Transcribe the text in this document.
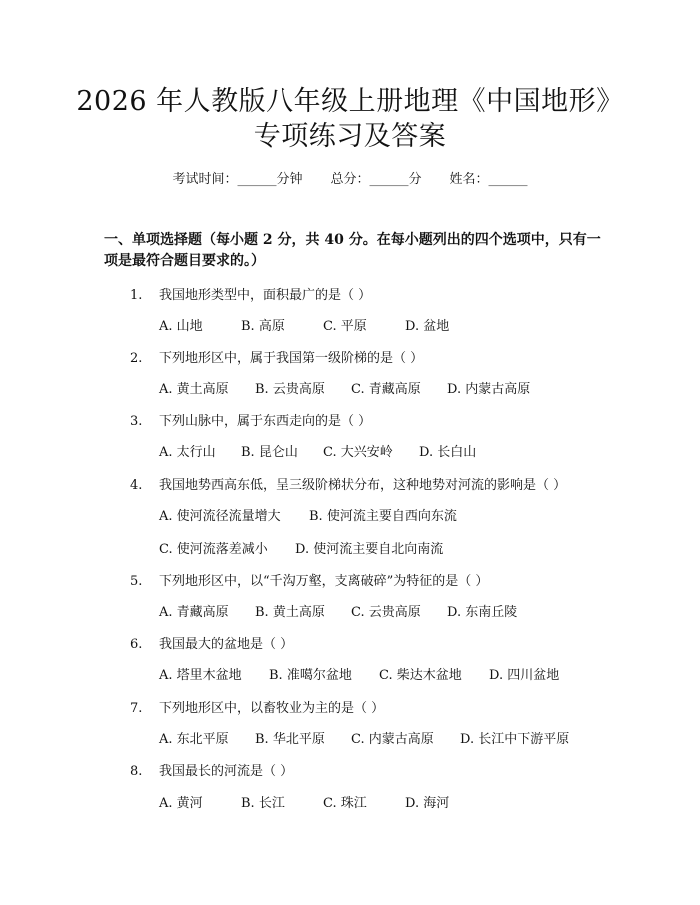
2026 年人教版八年级上册地理《中国地形》
专项练习及答案
考试时间：______分钟 总分：______分 姓名：______
一、单项选择题（每小题 2 分，共 40 分。在每小题列出的四个选项中，只有一项是最符合题目要求的。）
1. 我国地形类型中，面积最广的是（ ）
A. 山地	B. 高原	C. 平原	D. 盆地
2. 下列地形区中，属于我国第一级阶梯的是（ ）
A. 黄土高原 B. 云贵高原 C. 青藏高原 D. 内蒙古高原
3. 下列山脉中，属于东西走向的是（ ）
A. 太行山 B. 昆仑山 C. 大兴安岭 D. 长白山
4. 我国地势西高东低，呈三级阶梯状分布，这种地势对河流的影响是（ ）
A. 使河流径流量增大 B. 使河流主要自西向东流
C. 使河流落差减小 D. 使河流主要自北向南流
5. 下列地形区中，以“千沟万壑，支离破碎”为特征的是（ ）
A. 青藏高原 B. 黄土高原 C. 云贵高原 D. 东南丘陵
6. 我国最大的盆地是（ ）
A. 塔里木盆地 B. 准噶尔盆地 C. 柴达木盆地 D. 四川盆地
7. 下列地形区中，以畜牧业为主的是（ ）
A. 东北平原 B. 华北平原 C. 内蒙古高原 D. 长江中下游平原
8. 我国最长的河流是（ ）
A. 黄河	B. 长江	C. 珠江	D. 海河
